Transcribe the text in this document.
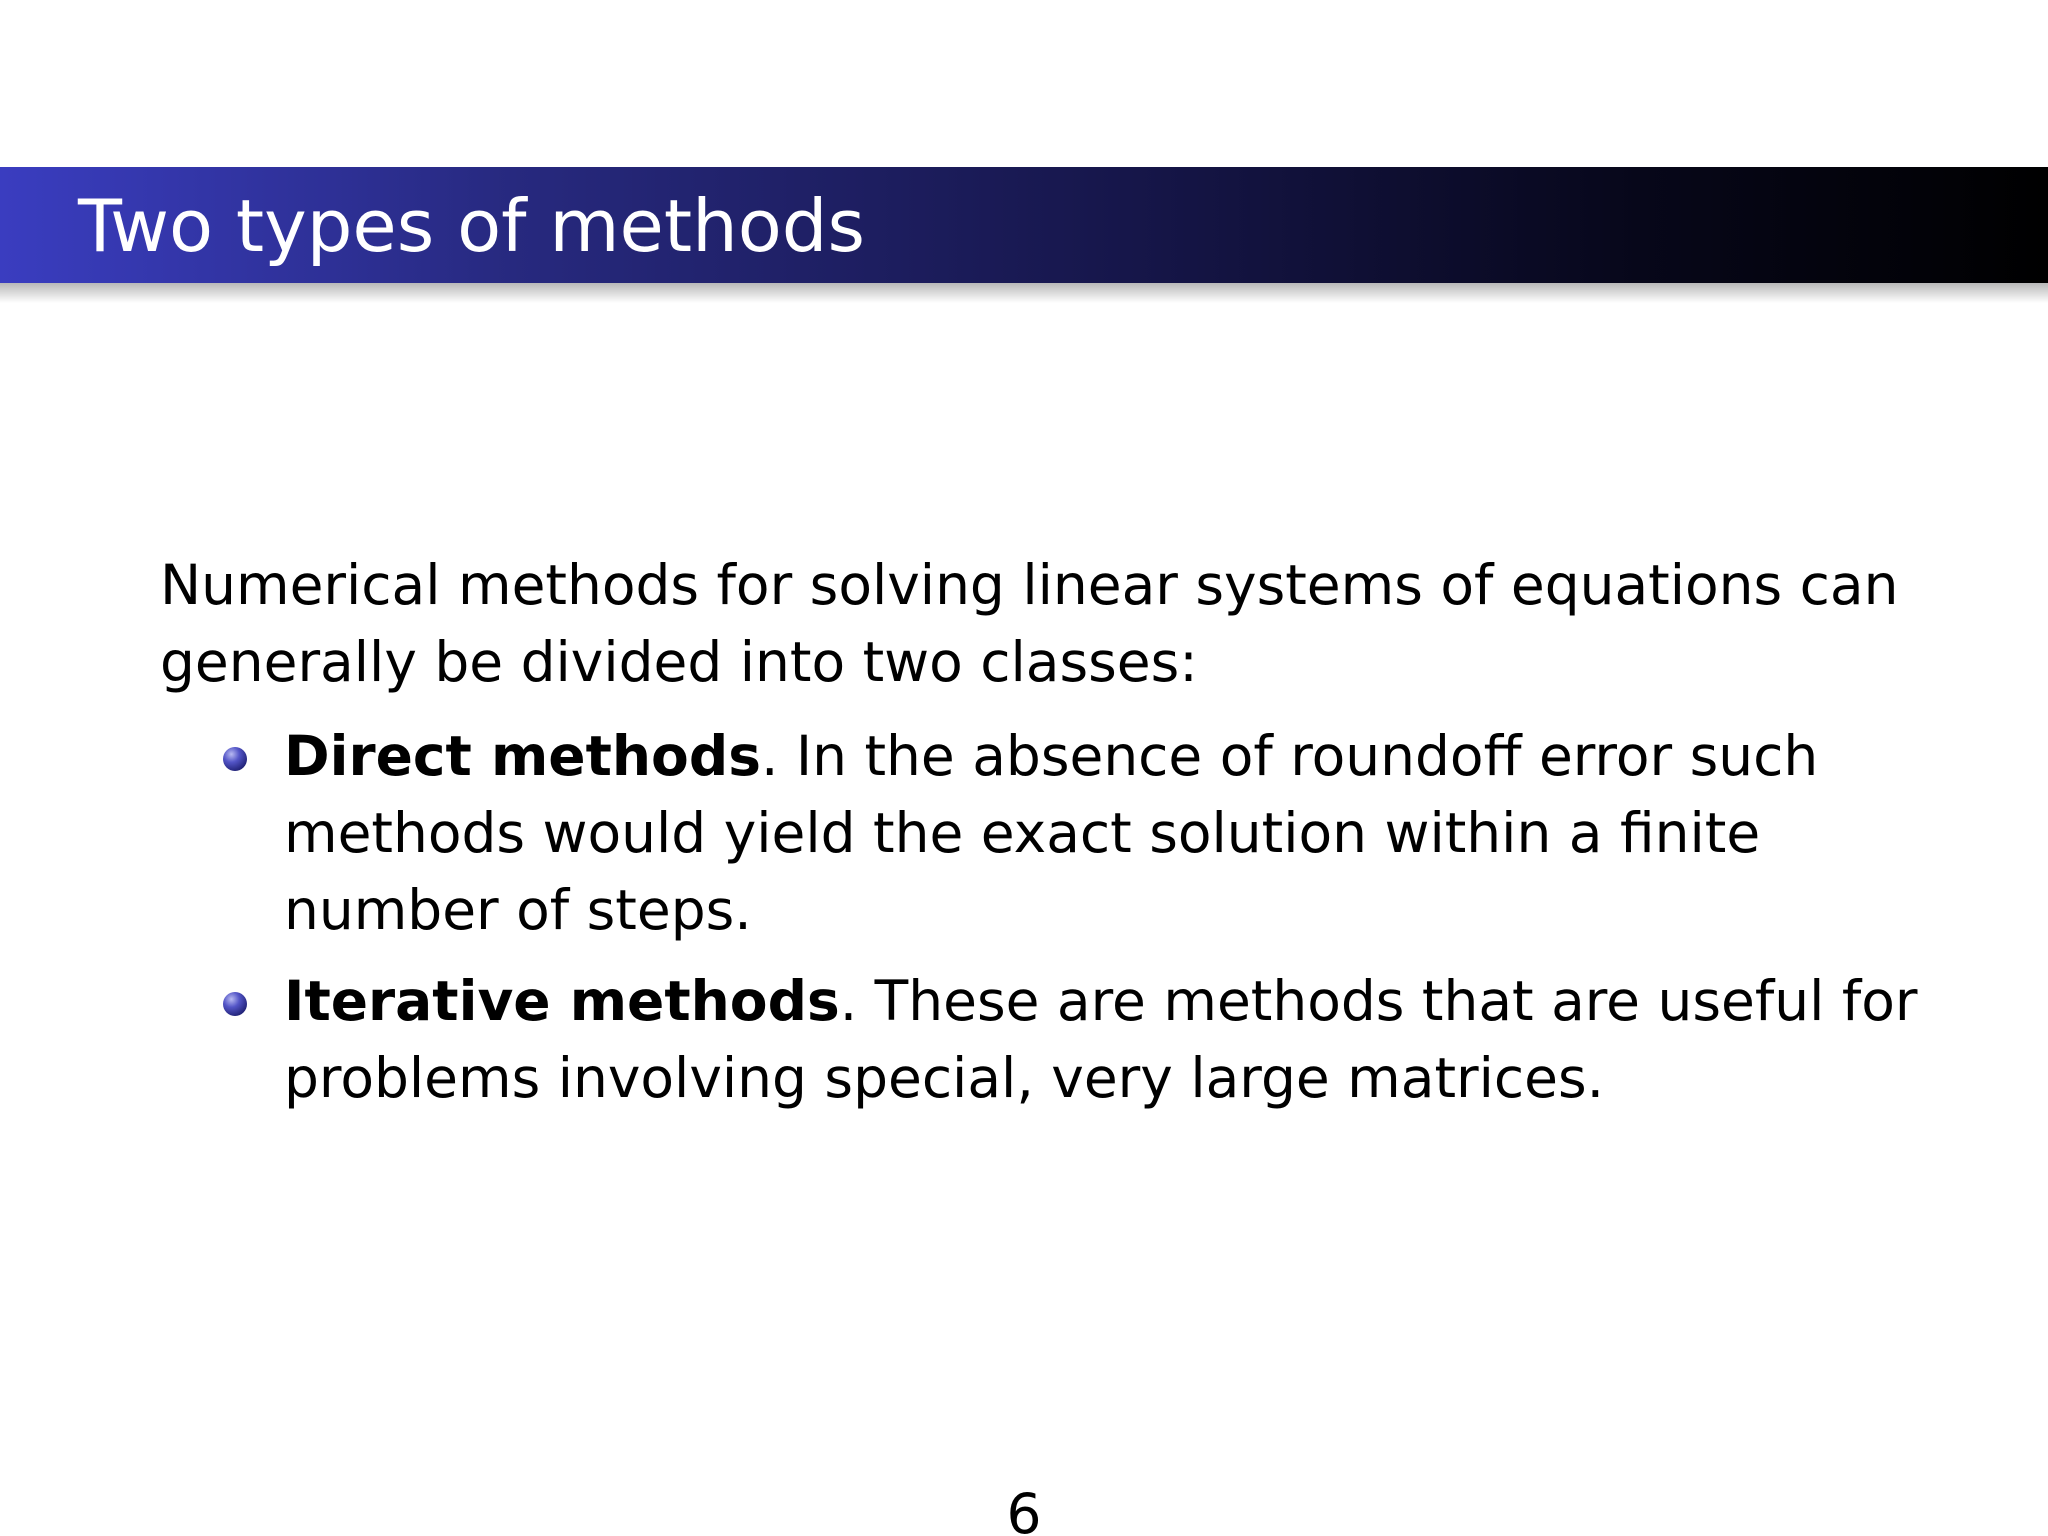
Two types of methods
Numerical methods for solving linear systems of equations can generally be divided into two classes:
Direct methods. In the absence of roundoff error such methods would yield the exact solution within a finite number of steps.
Iterative methods. These are methods that are useful for problems involving special, very large matrices.
6
